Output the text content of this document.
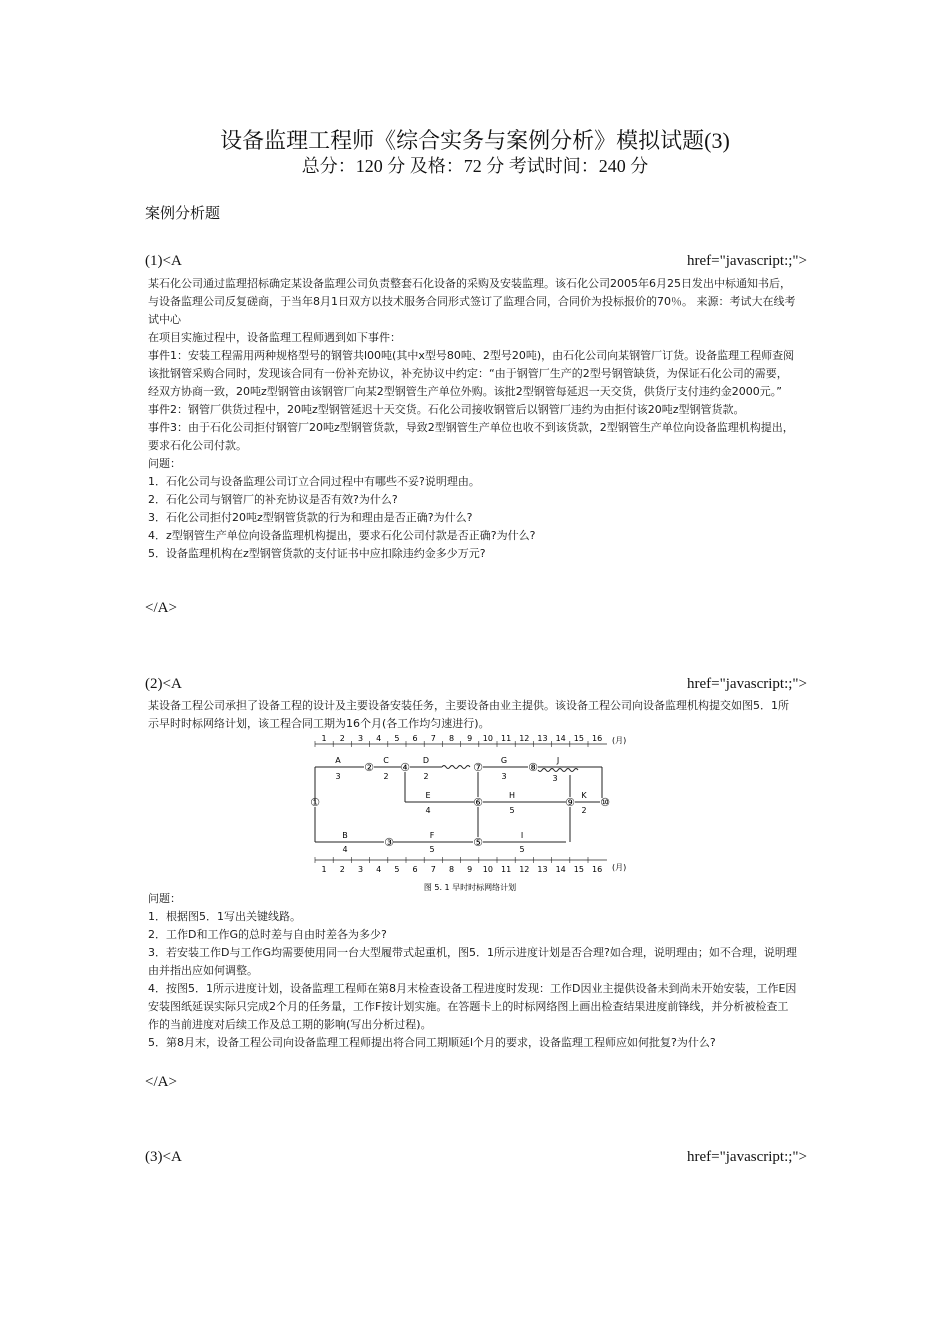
设备监理工程师《综合实务与案例分析》模拟试题(3)
总分：120 分 及格：72 分 考试时间：240 分
案例分析题
(1)<A	href="javascript:;">

某石化公司通过监理招标确定某设备监理公司负责整套石化设备的采购及安装监理。该石化公司2005年6月25日发出中标通知书后，与设备监理公司反复磋商，于当年8月1日双方以技术服务合同形式签订了监理合同，合同价为投标报价的70％。 来源：考试大在线考试中心

在项目实施过程中，设备监理工程师遇到如下事件：

事件1：安装工程需用两种规格型号的钢管共l00吨(其中x型号80吨、2型号20吨)，由石化公司向某钢管厂订货。设备监理工程师查阅该批钢管采购合同时，发现该合同有一份补充协议，补充协议中约定：“由于钢管厂生产的2型号钢管缺货，为保证石化公司的需要，经双方协商一致，20吨z型钢管由该钢管厂向某2型钢管生产单位外购。该批2型钢管每延迟一天交货，供货厅支付违约金2000元。”

事件2：钢管厂供货过程中，20吨z型钢管延迟十天交货。石化公司接收钢管后以钢管厂违约为由拒付该20吨z型钢管货款。

事件3：由于石化公司拒付钢管厂20吨z型钢管货款，导致2型钢管生产单位也收不到该货款，2型钢管生产单位向设备监理机构提出，要求石化公司付款。

问题：

1．石化公司与设备监理公司订立合同过程中有哪些不妥?说明理由。

2．石化公司与钢管厂的补充协议是否有效?为什么?

3．石化公司拒付20吨z型钢管货款的行为和理由是否正确?为什么?

4．z型钢管生产单位向设备监理机构提出，要求石化公司付款是否正确?为什么?

5．设备监理机构在z型钢管货款的支付证书中应扣除违约金多少万元?

</A>
(2)<A	href="javascript:;">

某设备工程公司承担了设备工程的设计及主要设备安装任务，主要设备由业主提供。该设备工程公司向设备监理机构提交如图5．1所示早时时标网络计划，该工程合同工期为16个月(各工作均匀速进行)。

1 2 3 4 5 6 7 8 9 10 11 12 13 14 15 16
1 2 3 4 5 6 7 8 9 10 11 12 13 14 15 16
(月)
(月)
①
②
③
④
⑤
⑥
⑦	⑧
⑨ ⑩
A
3
C
2
D
2
G
3
J
E
4
H
5
K
2
B
4
F
5
I
5
3
图 5. 1 早时时标网络计划

问题：

1．根据图5．1写出关键线路。

2．工作D和工作G的总时差与自由时差各为多少?

3．若安装工作D与工作G均需要使用同一台大型履带式起重机，图5．1所示进度计划是否合理?如合理，说明理由；如不合理，说明理由并指出应如何调整。

4．按图5．1所示进度计划，设备监理工程师在第8月末检查设备工程进度时发现：工作D因业主提供设备未到尚未开始安装，工作E因安装图纸延误实际只完成2个月的任务量，工作F按计划实施。在答题卡上的时标网络图上画出检查结果进度前锋线，并分析被检查工作的当前进度对后续工作及总工期的影响(写出分析过程)。

5．第8月末，设备工程公司向设备监理工程师提出将合同工期顺延l个月的要求，设备监理工程师应如何批复?为什么?

</A>
(3)<A	href="javascript:;">
